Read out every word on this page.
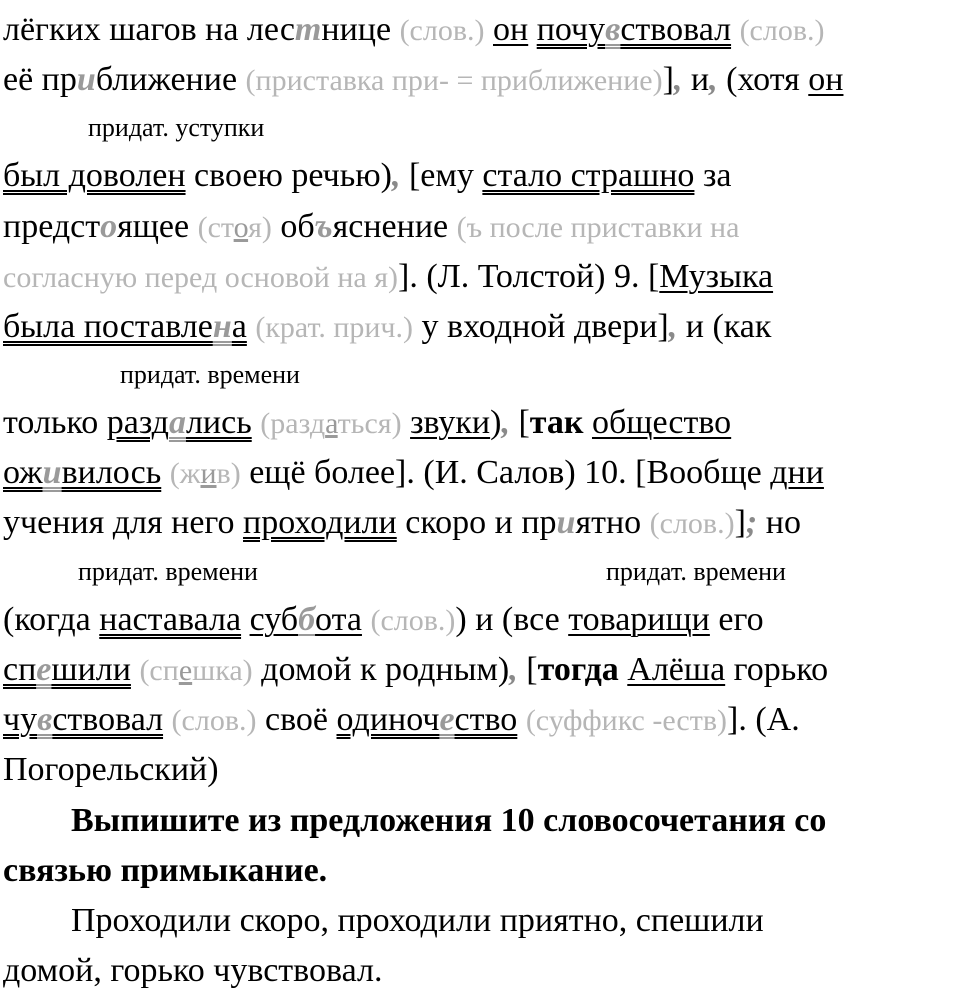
лёгких шагов на лестнице (слов.) он почувствовал (слов.)
её приближение (приставка при- = приближение)], и, (хотя он
придат. уступки
был доволен своею речью), [ему стало страшно за
предстоящее (стоя) объяснение (ъ после приставки на
согласную перед основой на я)]. (Л. Толстой) 9. [Музыка
была поставлена (крат. прич.) у входной двери], и (как
придат. времени
только раздались (раздаться) звуки), [так общество
оживилось (жив) ещё более]. (И. Салов) 10. [Вообще дни
учения для него проходили скоро и приятно (слов.)]; но
придат. времени	придат. времени
(когда наставала суббота (слов.)) и (все товарищи его
спешили (спешка) домой к родным), [тогда Алёша горько
чувствовал (слов.) своё одиночество (суффикс -еств)]. (А.
Погорельский)
Выпишите из предложения 10 словосочетания со
связью примыкание.
Проходили скоро, проходили приятно, спешили
домой, горько чувствовал.
